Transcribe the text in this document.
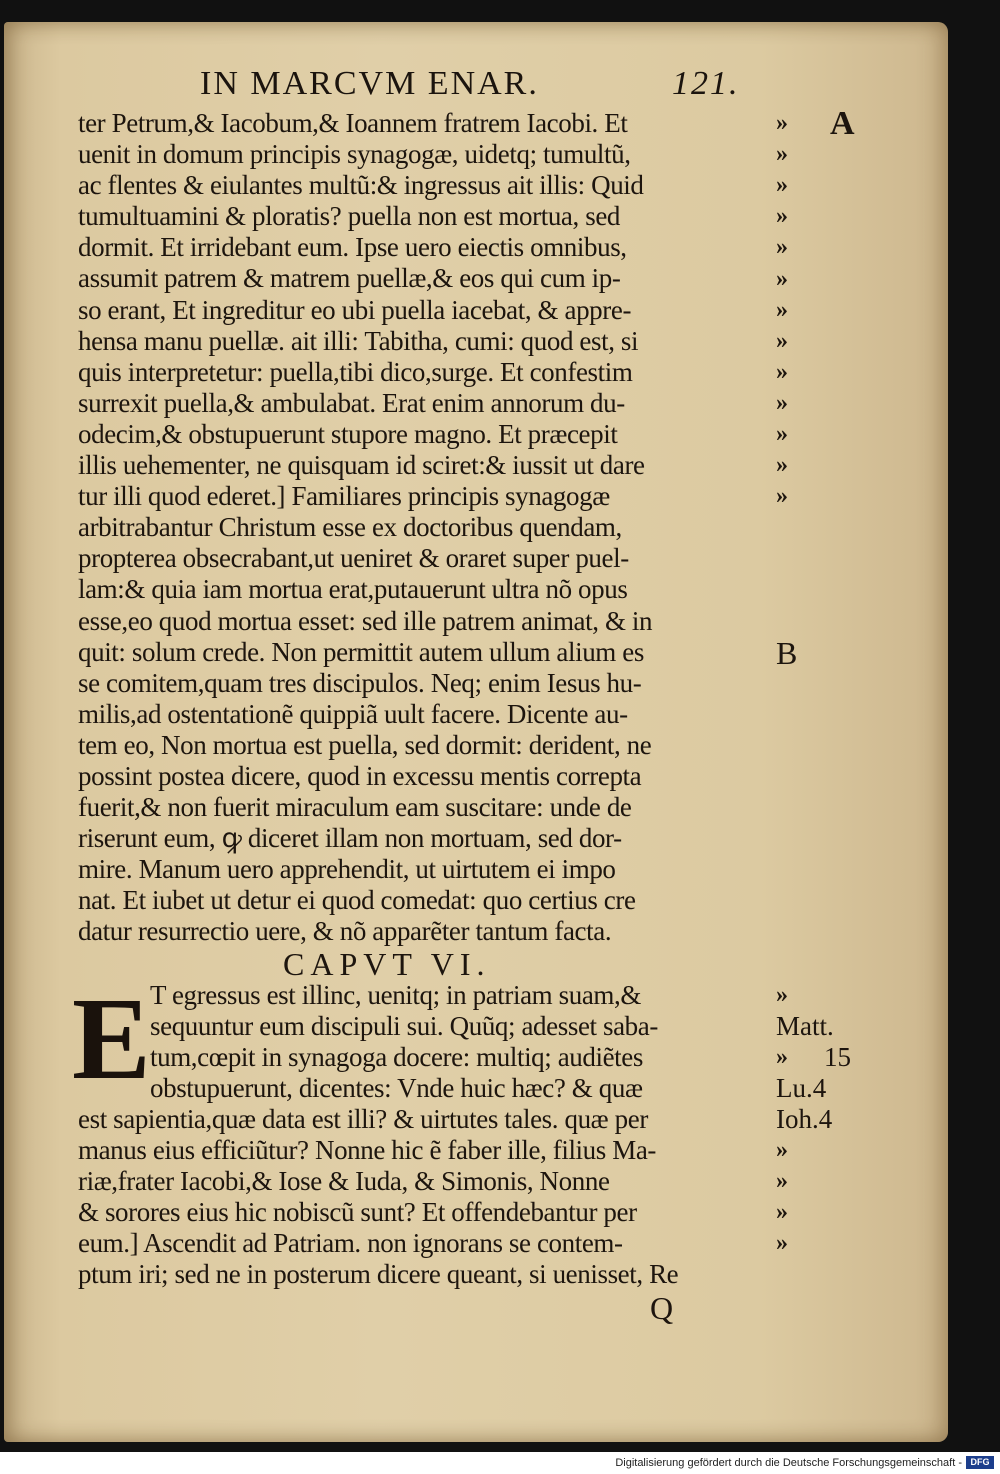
IN MARCVM ENAR.	121.
ter Petrum,& Iacobum,& Ioannem fratrem Iacobi. Et
uenit in domum principis synagogæ, uidetq; tumultũ,
ac flentes & eiulantes multũ:& ingressus ait illis: Quid
tumultuamini & ploratis? puella non est mortua, sed
dormit. Et irridebant eum. Ipse uero eiectis omnibus,
assumit patrem & matrem puellæ,& eos qui cum ip-
so erant, Et ingreditur eo ubi puella iacebat, & appre-
hensa manu puellæ. ait illi: Tabitha, cumi: quod est, si
quis interpretetur: puella,tibi dico,surge. Et confestim
surrexit puella,& ambulabat. Erat enim annorum du-
odecim,& obstupuerunt stupore magno. Et præcepit
illis uehementer, ne quisquam id sciret:& iussit ut dare
tur illi quod ederet.] Familiares principis synagogæ
arbitrabantur Christum esse ex doctoribus quendam,
propterea obsecrabant,ut ueniret & oraret super puel-
lam:& quia iam mortua erat,putauerunt ultra nõ opus
esse,eo quod mortua esset: sed ille patrem animat, & in
quit: solum crede. Non permittit autem ullum alium es
se comitem,quam tres discipulos. Neq; enim Iesus hu-
milis,ad ostentationẽ quippiã uult facere. Dicente au-
tem eo, Non mortua est puella, sed dormit: derident, ne
possint postea dicere, quod in excessu mentis correpta
fuerit,& non fuerit miraculum eam suscitare: unde de
riserunt eum, ꝙ diceret illam non mortuam, sed dor-
mire. Manum uero apprehendit, ut uirtutem ei impo
nat. Et iubet ut detur ei quod comedat: quo certius cre
datur resurrectio uere, & nõ apparẽter tantum facta.
CAPVT VI.
T egressus est illinc, uenitq; in patriam suam,&
sequuntur eum discipuli sui. Quũq; adesset saba-
tum,cœpit in synagoga docere: multiq; audiẽtes
obstupuerunt, dicentes: Vnde huic hæc? & quæ
est sapientia,quæ data est illi? & uirtutes tales. quæ per
manus eius efficiũtur? Nonne hic ẽ faber ille, filius Ma-
riæ,frater Iacobi,& Iose & Iuda, & Simonis, Nonne
& sorores eius hic nobiscũ sunt? Et offendebantur per
eum.] Ascendit ad Patriam. non ignorans se contem-
ptum iri; sed ne in posterum dicere queant, si uenisset, Re
E
» A
»
»
»
»
»
»
»
»
»
»
»
»
B
»
Matt.
» 15
Lu.4
Ioh.4
»
»
»
»
Q
Digitalisierung gefördert durch die Deutsche Forschungsgemeinschaft - DFG
